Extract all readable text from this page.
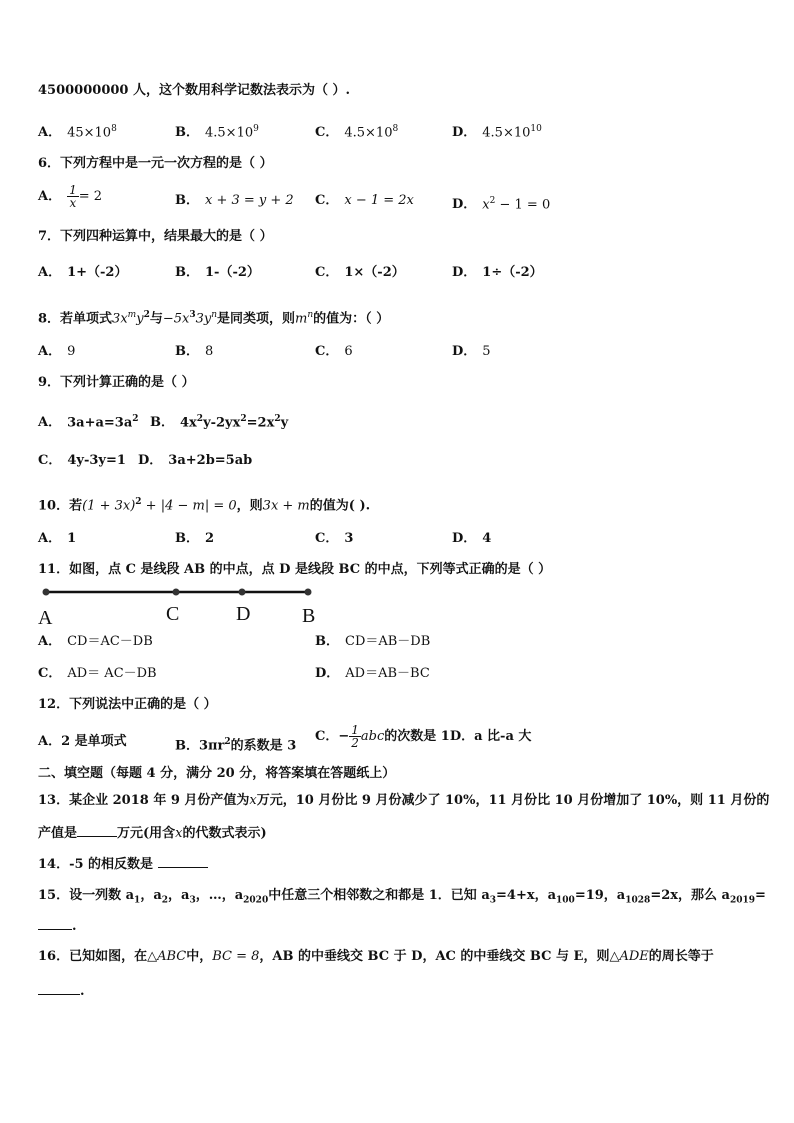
4500000000 人，这个数用科学记数法表示为（ ）.
A． $45\times 10^8$	B． $4.5\times 10^9$	C． $4.5\times 10^8$	D． $4.5\times 10^{10}$
6．下列方程中是一元一次方程的是（ ）
A． $\frac{1}{x} = 2$	B． x + 3 = y + 2 C． x − 1 = 2x	D． $x^2 - 1 = 0$
7．下列四种运算中，结果最大的是（ ）
A． 1+（-2）	B． 1-（-2）	C． 1×（-2）	D． 1÷（-2）
8．若单项式$3x^my^2$与$-5x^33y^n$是同类项，则$m^n$的值为：（ ）
A． 9	B． 8	C． 6	D． 5
9．下列计算正确的是（ ）
A． $3a+a=3a^2$ B． $4x^2y-2yx^2=2x^2y$
C． 4y-3y=1 D． 3a+2b=5ab
10．若$(1 + 3x)^2 + |4 - m| = 0$，则3x + m的值为( ).
A． 1	B． 2	C． 3	D． 4
11．如图，点 C 是线段 AB 的中点，点 D 是线段 BC 的中点，下列等式正确的是（ ）
A	C	D	B
A． CD＝AC－DB	B． CD＝AB－DB
C． AD＝ AC－DB	D． AD＝AB－BC
12．下列说法中正确的是（ ）
A．2 是单项式	B．$3\pi r^2$的系数是 3
C．− $\frac{1}{2}$ abc的次数是 1D．a 比-a 大
二、填空题（每题 4 分，满分 20 分，将答案填在答题纸上）
13．某企业 2018 年 9 月份产值为x万元，10 月份比 9 月份减少了 10%，11 月份比 10 月份增加了 10%，则 11 月份的
产值是	万元(用含x的代数式表示)
14．-5 的相反数是
15．设一列数 $a_1$，$a_2$，$a_3$，…，$a_{2020}$中任意三个相邻数之和都是 1．已知 $a_3=4+x$，$a_{100}=19$，$a_{1028}=2x$，那么 $a_{2019}=$
.
16．已知如图，在△ABC中，BC = 8，AB 的中垂线交 BC 于 D，AC 的中垂线交 BC 与 E，则△ADE的周长等于
.
